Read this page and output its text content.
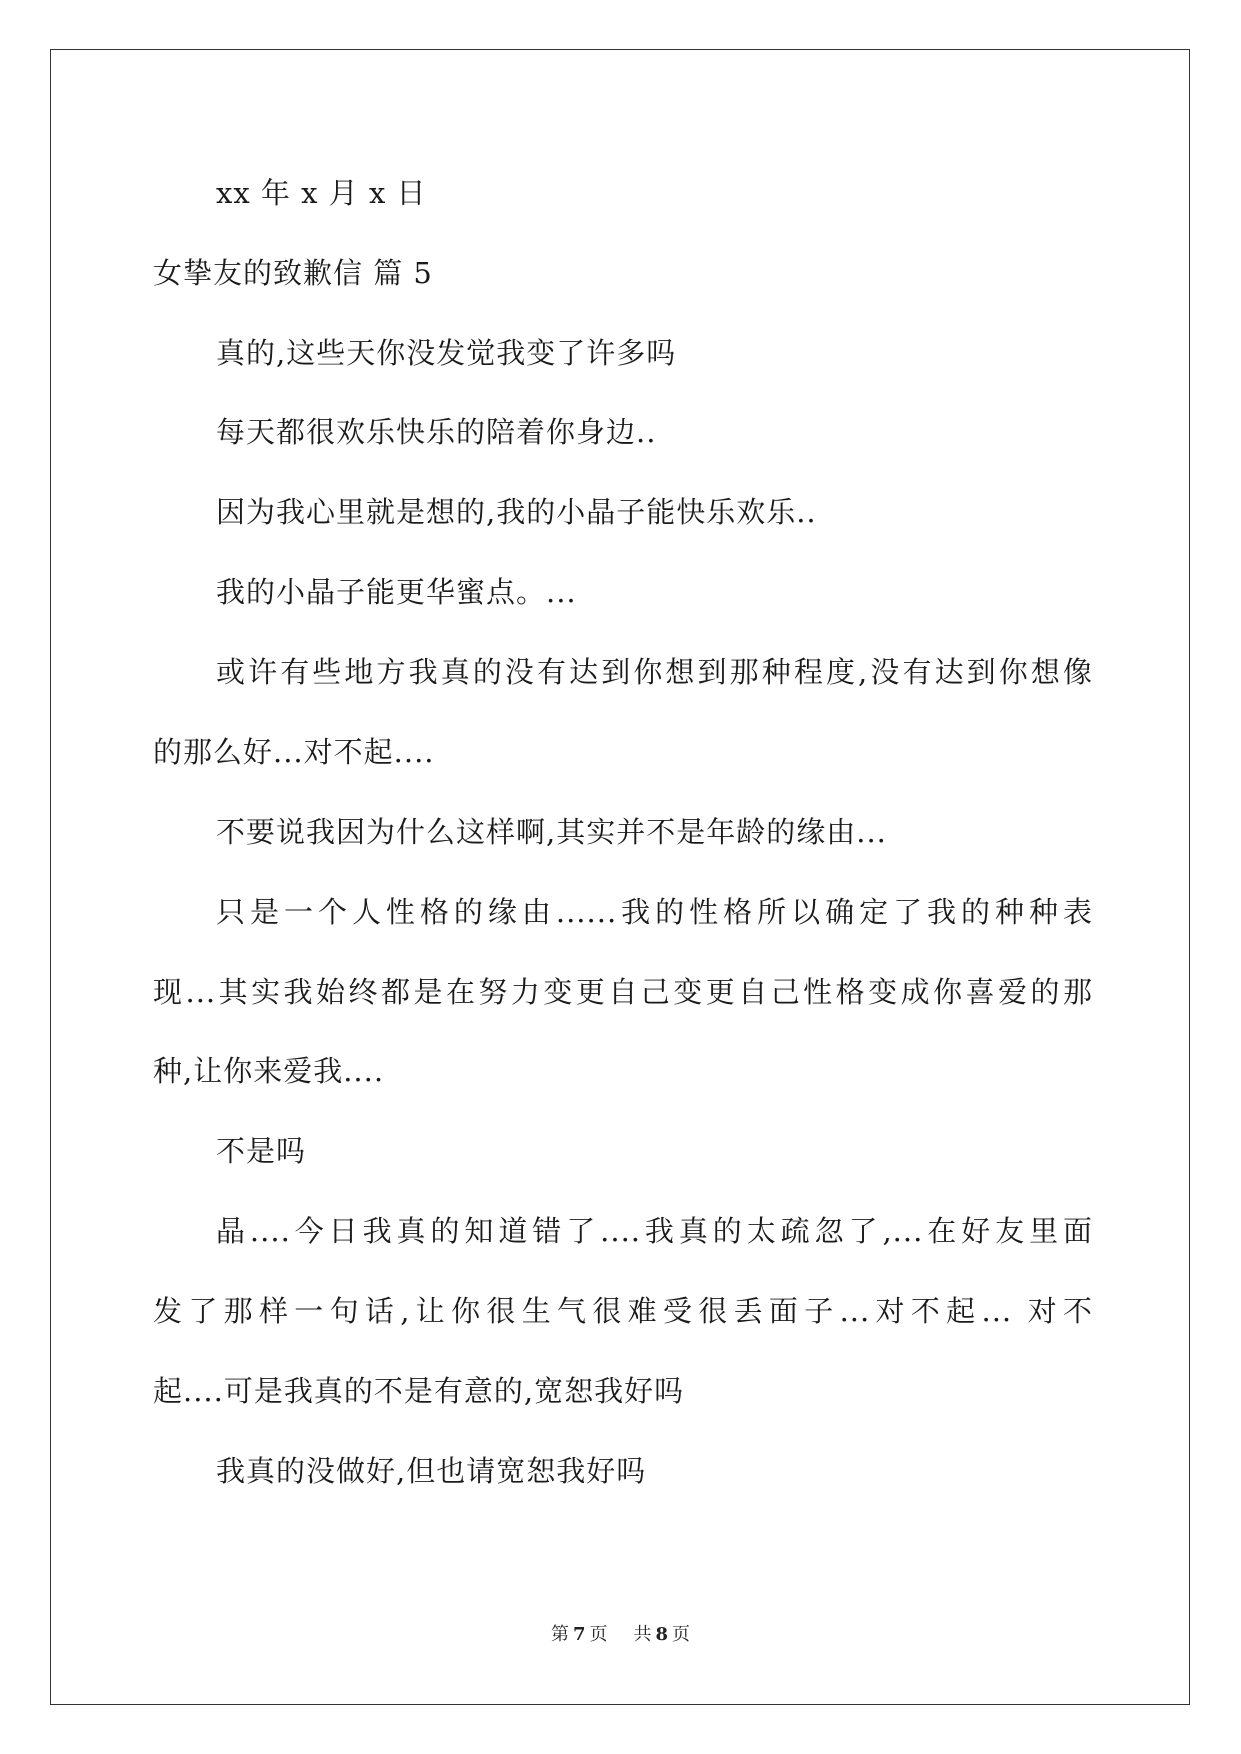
xx 年 x 月 x 日
女挚友的致歉信 篇 5
真的,这些天你没发觉我变了许多吗
每天都很欢乐快乐的陪着你身边..
因为我心里就是想的,我的小晶子能快乐欢乐..
我的小晶子能更华蜜点。...
或许有些地方我真的没有达到你想到那种程度,没有达到你想像
的那么好...对不起....
不要说我因为什么这样啊,其实并不是年龄的缘由...
只是一个人性格的缘由......我的性格所以确定了我的种种表
现...其实我始终都是在努力变更自己变更自己性格变成你喜爱的那
种,让你来爱我....
不是吗
晶....今日我真的知道错了....我真的太疏忽了,...在好友里面
发了那样一句话,让你很生气很难受很丢面子...对不起... 对不
起....可是我真的不是有意的,宽恕我好吗
我真的没做好,但也请宽恕我好吗
第 7 页 共 8 页
